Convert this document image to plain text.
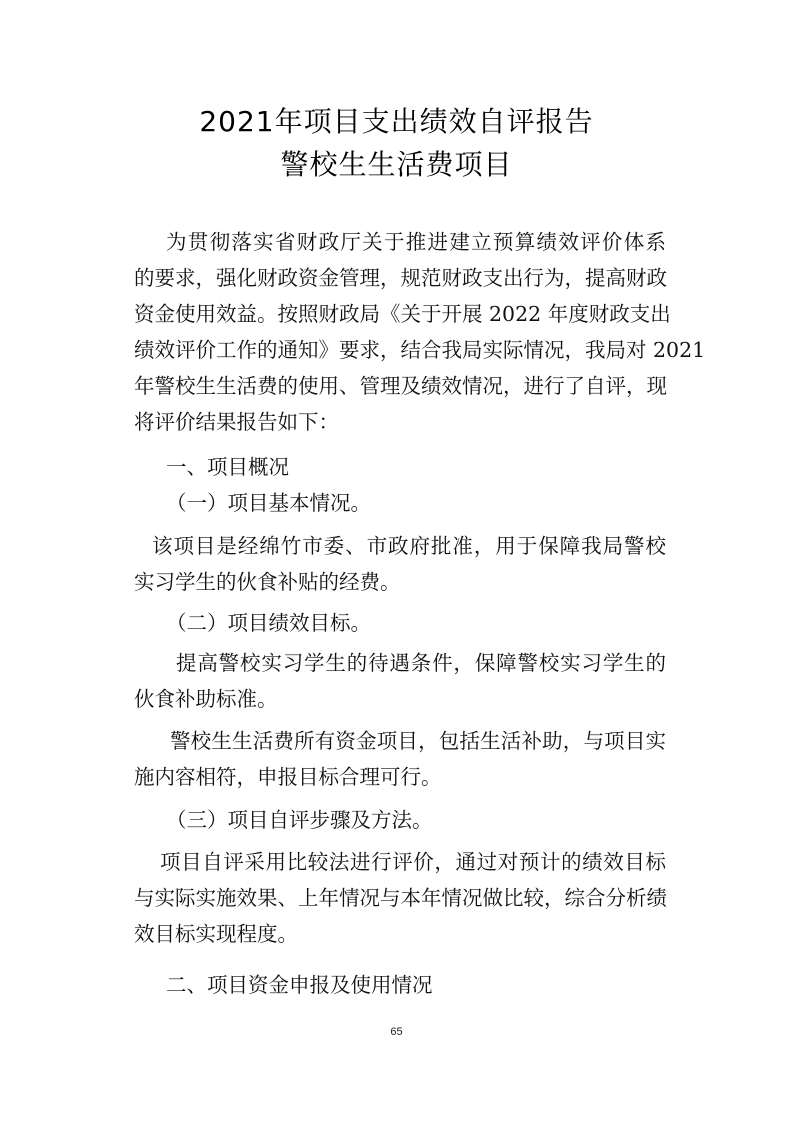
2021年项目支出绩效自评报告
警校生生活费项目
为贯彻落实省财政厅关于推进建立预算绩效评价体系
的要求，强化财政资金管理，规范财政支出行为，提高财政
资金使用效益。按照财政局《关于开展 2022 年度财政支出
绩效评价工作的通知》要求，结合我局实际情况，我局对 2021
年警校生生活费的使用、管理及绩效情况，进行了自评，现
将评价结果报告如下：
一、项目概况
（一）项目基本情况。
该项目是经绵竹市委、市政府批准，用于保障我局警校
实习学生的伙食补贴的经费。
（二）项目绩效目标。
提高警校实习学生的待遇条件，保障警校实习学生的
伙食补助标准。
警校生生活费所有资金项目，包括生活补助，与项目实
施内容相符，申报目标合理可行。
（三）项目自评步骤及方法。
项目自评采用比较法进行评价，通过对预计的绩效目标
与实际实施效果、上年情况与本年情况做比较，综合分析绩
效目标实现程度。
二、项目资金申报及使用情况
65
